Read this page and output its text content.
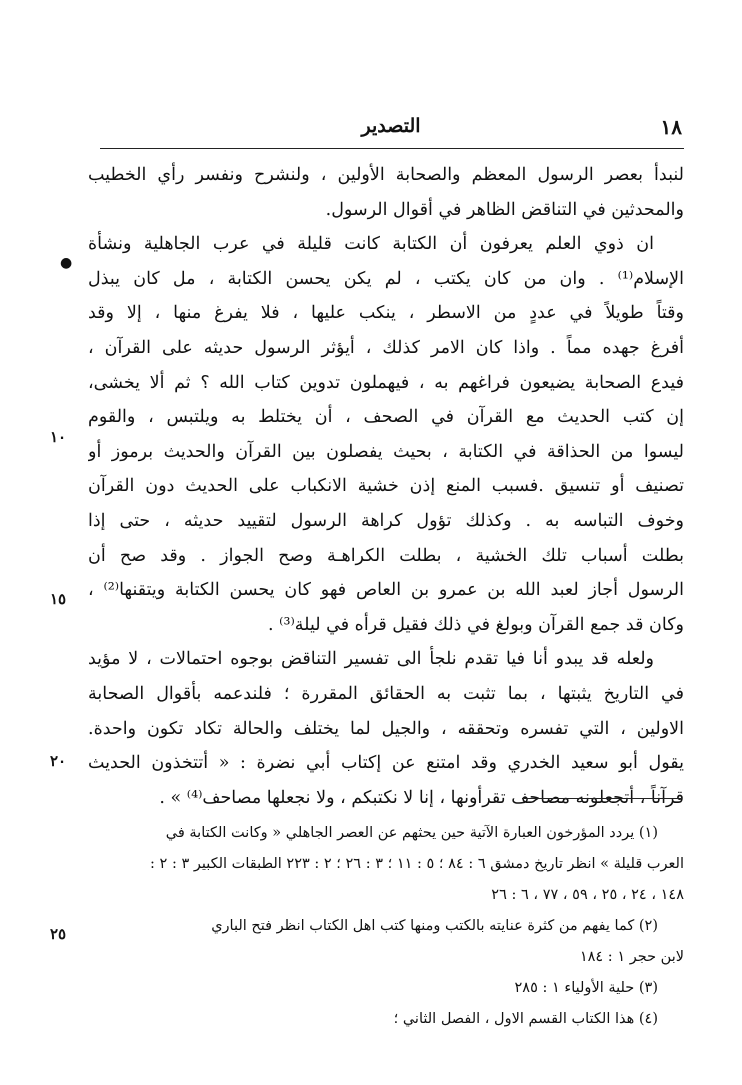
١٨
التصدير
لنبدأ بعصر الرسول المعظم والصحابة الأولين ، ولنشرح ونفسر رأي الخطيب
والمحدثين في التناقض الظاهر في أقوال الرسول.
ان ذوي العلم يعرفون أن الكتابة كانت قليلة في عرب الجاهلية ونشأة
الإسلام⁽¹⁾ . وان من كان يكتب ، لم يكن يحسن الكتابة ، مل كان يبذل
وقتاً طويلاً في عددٍ من الاسطر ، ينكب عليها ، فلا يفرغ منها ، إلا وقد
أفرغ جهده مماً . واذا كان الامر كذلك ، أيؤثر الرسول حديثه على القرآن ،
فيدع الصحابة يضيعون فراغهم به ، فيهملون تدوين كتاب الله ؟ ثم ألا يخشى،
إن كتب الحديث مع القرآن في الصحف ، أن يختلط به ويلتبس ، والقوم
ليسوا من الحذاقة في الكتابة ، بحيث يفصلون بين القرآن والحديث برموز أو
تصنيف أو تنسيق .فسبب المنع إذن خشية الانكباب على الحديث دون القرآن
وخوف التباسه به . وكذلك تؤول كراهة الرسول لتقييد حديثه ، حتى إذا
بطلت أسباب تلك الخشية ، بطلت الكراهـة وصح الجواز . وقد صح أن
الرسول أجاز لعبد الله بن عمرو بن العاص فهو كان يحسن الكتابة ويتقنها⁽²⁾ ،
وكان قد جمع القرآن وبولغ في ذلك فقيل قرأه في ليلة⁽³⁾ .
ولعله قد يبدو أنا فيا تقدم نلجأ الى تفسير التناقض بوجوه احتمالات ، لا مؤيد
في التاريخ يثبتها ، بما تثبت به الحقائق المقررة ؛ فلندعمه بأقوال الصحابة
الاولين ، التي تفسره وتحققه ، والجيل لما يختلف والحالة تكاد تكون واحدة.
يقول أبو سعيد الخدري وقد امتنع عن إكتاب أبي نضرة : « أتتخذون الحديث
قرآناً ، أتجعلونه مصاحف تقرأونها ، إنا لا نكتبكم ، ولا نجعلها مصاحف⁽⁴⁾ » .
●
١٠
١٥
٢٠
(١) يردد المؤرخون العبارة الآتية حين يحثهم عن العصر الجاهلي « وكانت الكتابة في
العرب قليلة » انظر تاريخ دمشق ٦ : ٨٤ ؛ ٥ : ١١ ؛ ٣ : ٢٦ ؛ ٢ : ٢٢٣ الطبقات الكبير ٣ : ٢ :
١٤٨ ، ٢٤ ، ٢٥ ، ٥٩ ، ٧٧ ، ٦ : ٢٦
(٢) كما يفهم من كثرة عنايته بالكتب ومنها كتب اهل الكتاب انظر فتح الباري
لابن حجر ١ : ١٨٤
(٣) حلية الأولياء ١ : ٢٨٥
(٤) هذا الكتاب القسم الاول ، الفصل الثاني ؛
٢٥
